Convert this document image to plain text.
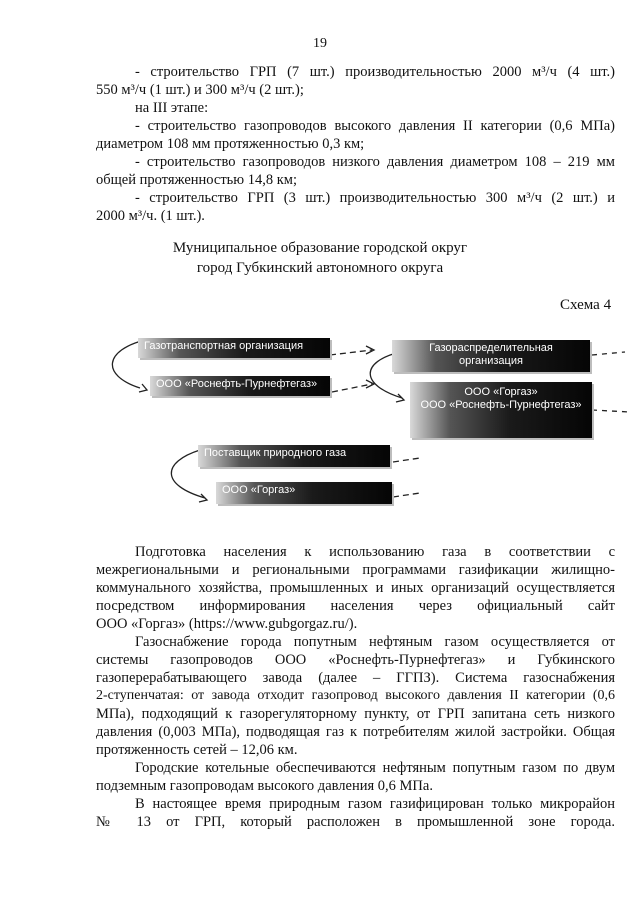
19
- строительство ГРП (7 шт.) производительностью 2000 м³/ч (4 шт.)
550 м³/ч (1 шт.) и 300 м³/ч (2 шт.);
на III этапе:
- строительство газопроводов высокого давления II категории (0,6 МПа)
диаметром 108 мм протяженностью 0,3 км;
- строительство газопроводов низкого давления диаметром 108 – 219 мм
общей протяженностью 14,8 км;
- строительство ГРП (3 шт.) производительностью 300 м³/ч (2 шт.) и
2000 м³/ч. (1 шт.).
Муниципальное образование городской округ
город Губкинский автономного округа
Схема 4
Газотранспортная организация
ООО «Роснефть-Пурнефтегаз»
Газораспределительная
организация
ООО «Горгаз»
ООО «Роснефть-Пурнефтегаз»
Поставщик природного газа
ООО «Горгаз»
Подготовка населения к использованию газа в соответствии с
межрегиональными и региональными программами газификации жилищно-
коммунального хозяйства, промышленных и иных организаций осуществляется
посредством информирования населения через официальный сайт
ООО «Горгаз» (https://www.gubgorgaz.ru/).
Газоснабжение города попутным нефтяным газом осуществляется от
системы газопроводов ООО «Роснефть-Пурнефтегаз» и Губкинского
газоперерабатывающего завода (далее – ГГПЗ). Система газоснабжения
2-ступенчатая: от завода отходит газопровод высокого давления II категории (0,6
МПа), подходящий к газорегуляторному пункту, от ГРП запитана сеть низкого
давления (0,003 МПа), подводящая газ к потребителям жилой застройки. Общая
протяженность сетей – 12,06 км.
Городские котельные обеспечиваются нефтяным попутным газом по двум
подземным газопроводам высокого давления 0,6 МПа.
В настоящее время природным газом газифицирован только микрорайон
№ 13 от ГРП, который расположен в промышленной зоне города.
